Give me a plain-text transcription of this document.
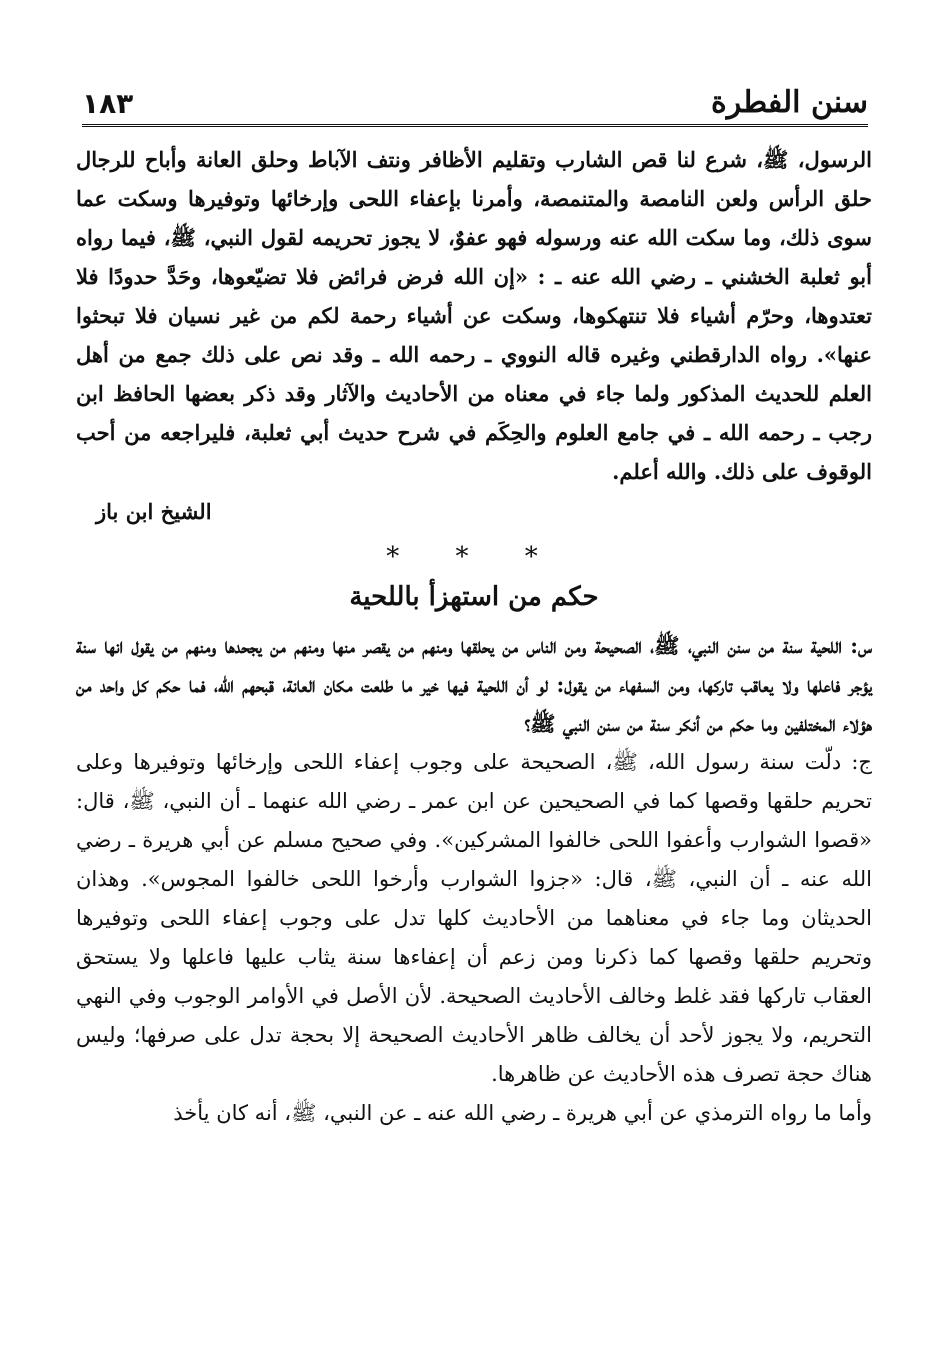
سنن الفطرة
١٨٣

الرسول، ﷺ، شرع لنا قص الشارب وتقليم الأظافر ونتف الآباط وحلق العانة وأباح للرجال حلق الرأس ولعن النامصة والمتنمصة، وأمرنا بإعفاء اللحى وإرخائها وتوفيرها وسكت عما سوى ذلك، وما سكت الله عنه ورسوله فهو عفوٌ، لا يجوز تحريمه لقول النبي، ﷺ، فيما رواه أبو ثعلبة الخشني ـ رضي الله عنه ـ : «إن الله فرض فرائض فلا تضيّعوها، وحَدَّ حدودًا فلا تعتدوها، وحرّم أشياء فلا تنتهكوها، وسكت عن أشياء رحمة لكم من غير نسيان فلا تبحثوا عنها». رواه الدارقطني وغيره قاله النووي ـ رحمه الله ـ وقد نص على ذلك جمع من أهل العلم للحديث المذكور ولما جاء في معناه من الأحاديث والآثار وقد ذكر بعضها الحافظ ابن رجب ـ رحمه الله ـ في جامع العلوم والحِكَم في شرح حديث أبي ثعلبة، فليراجعه من أحب الوقوف على ذلك. والله أعلم.

الشيخ ابن باز
* * *
حكم من استهزأ باللحية

س: اللحية سنة من سنن النبي، ﷺ، الصحيحة ومن الناس من يحلقها ومنهم من يقصر منها ومنهم من يجحدها ومنهم من يقول انها سنة يؤجر فاعلها ولا يعاقب تاركها، ومن السفهاء من يقول: لو أن اللحية فيها خير ما طلعت مكان العانة، قبحهم الله، فما حكم كل واحد من هؤلاء المختلفين وما حكم من أنكر سنة من سنن النبي ﷺ؟

ج: دلّت سنة رسول الله، ﷺ، الصحيحة على وجوب إعفاء اللحى وإرخائها وتوفيرها وعلى تحريم حلقها وقصها كما في الصحيحين عن ابن عمر ـ رضي الله عنهما ـ أن النبي، ﷺ، قال: «قصوا الشوارب وأعفوا اللحى خالفوا المشركين». وفي صحيح مسلم عن أبي هريرة ـ رضي الله عنه ـ أن النبي، ﷺ، قال: «جزوا الشوارب وأرخوا اللحى خالفوا المجوس». وهذان الحديثان وما جاء في معناهما من الأحاديث كلها تدل على وجوب إعفاء اللحى وتوفيرها وتحريم حلقها وقصها كما ذكرنا ومن زعم أن إعفاءها سنة يثاب عليها فاعلها ولا يستحق العقاب تاركها فقد غلط وخالف الأحاديث الصحيحة. لأن الأصل في الأوامر الوجوب وفي النهي التحريم، ولا يجوز لأحد أن يخالف ظاهر الأحاديث الصحيحة إلا بحجة تدل على صرفها؛ وليس هناك حجة تصرف هذه الأحاديث عن ظاهرها.

وأما ما رواه الترمذي عن أبي هريرة ـ رضي الله عنه ـ عن النبي، ﷺ، أنه كان يأخذ
